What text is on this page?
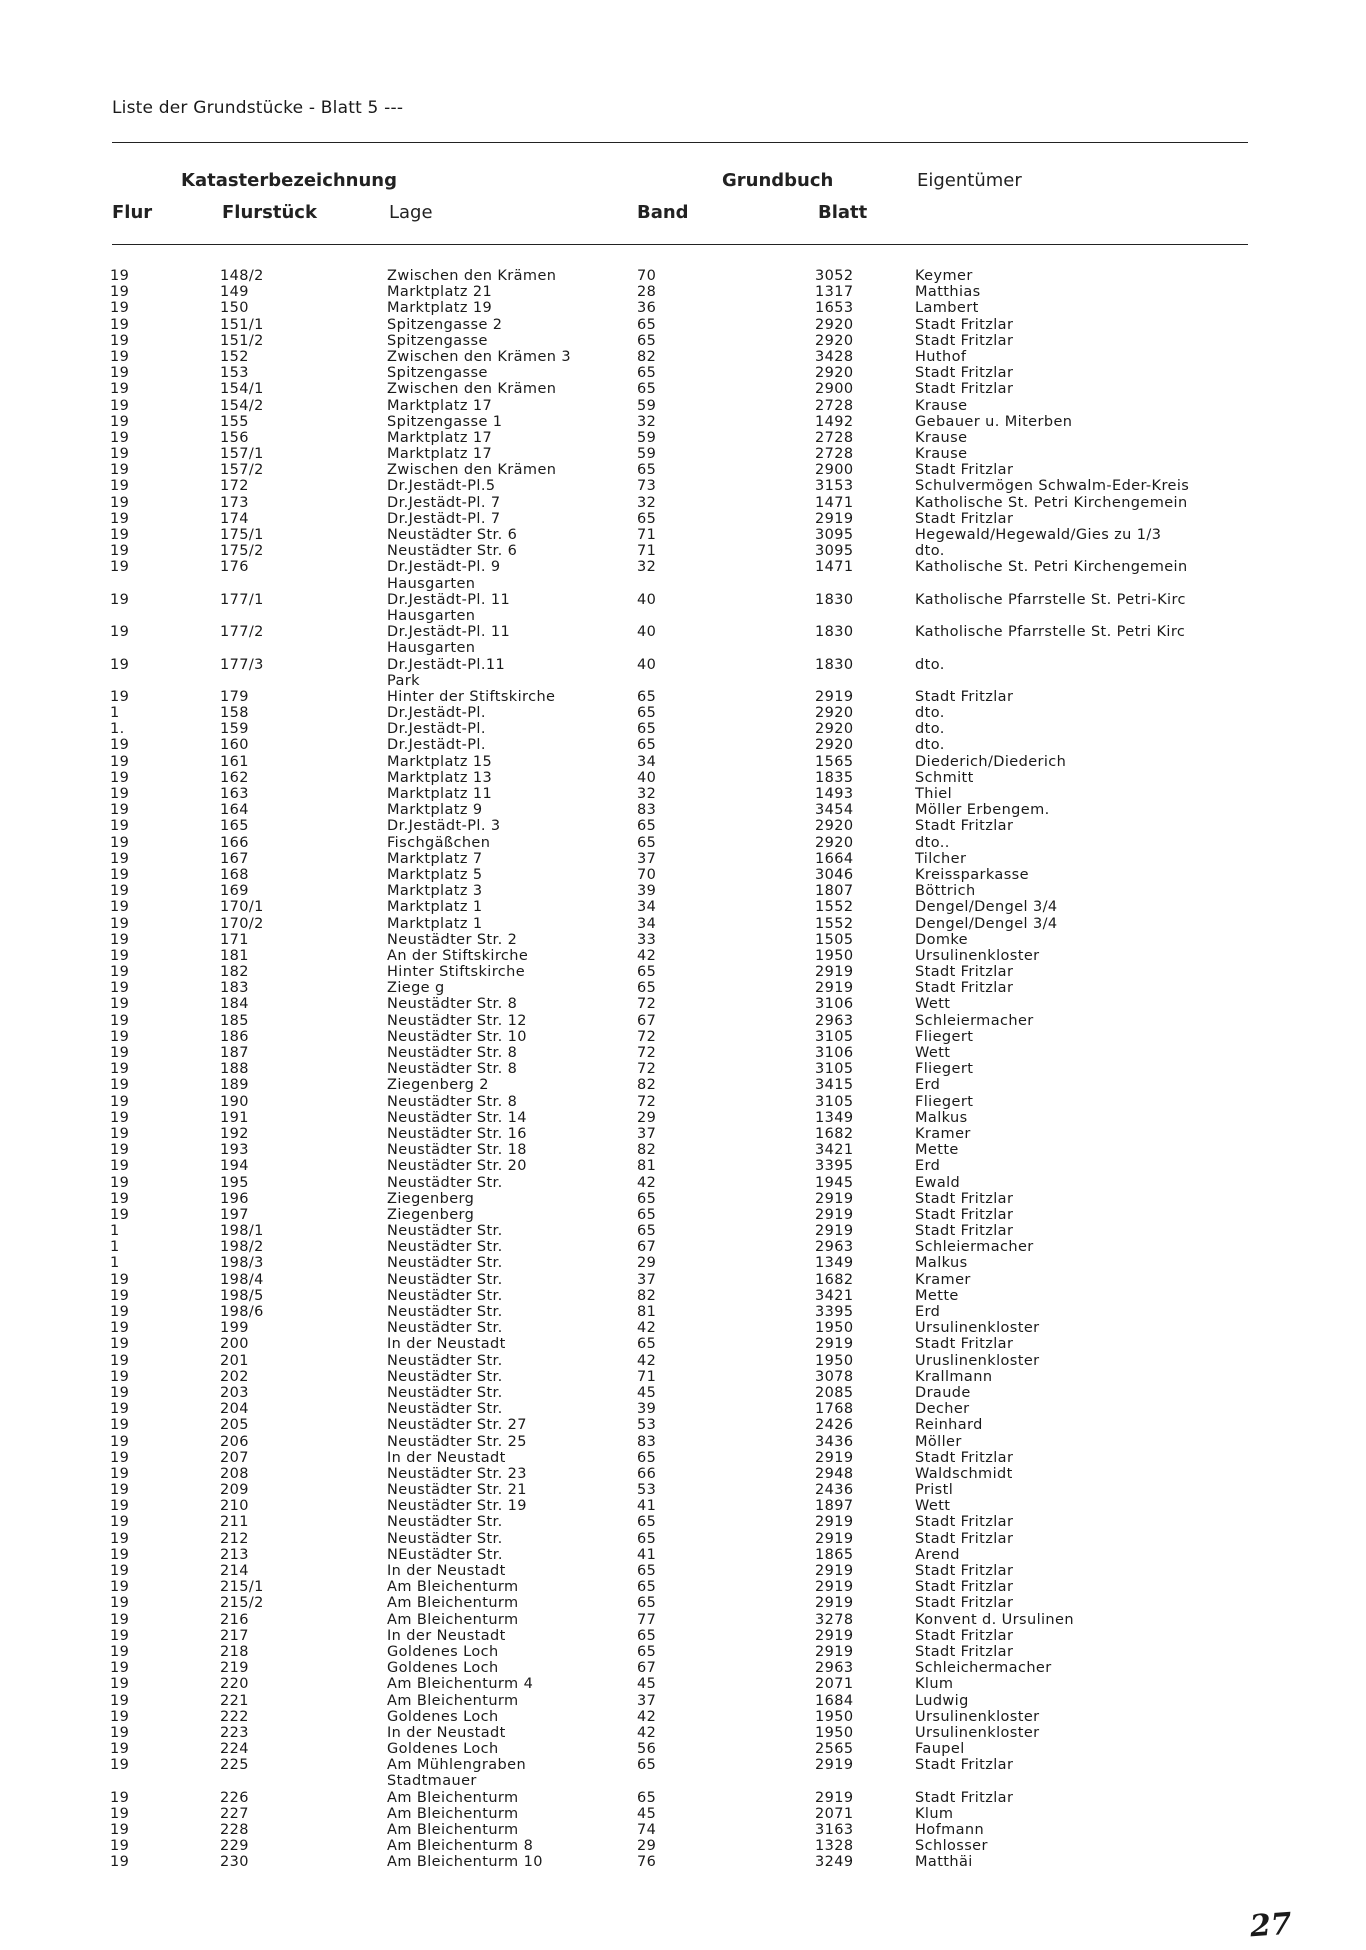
Liste der Grundstücke - Blatt 5 ---
Katasterbezeichnung	Grundbuch	Eigentümer
Flur	Flurstück	Lage	Band	Blatt
19	148/2	Zwischen den Krämen	70	3052	Keymer
19	149	Marktplatz 21	28	1317	Matthias
19	150	Marktplatz 19	36	1653	Lambert
19	151/1	Spitzengasse 2	65	2920	Stadt Fritzlar
19	151/2	Spitzengasse	65	2920	Stadt Fritzlar
19	152	Zwischen den Krämen 3	82	3428	Huthof
19	153	Spitzengasse	65	2920	Stadt Fritzlar
19	154/1	Zwischen den Krämen	65	2900	Stadt Fritzlar
19	154/2	Marktplatz 17	59	2728	Krause
19	155	Spitzengasse 1	32	1492	Gebauer u. Miterben
19	156	Marktplatz 17	59	2728	Krause
19	157/1	Marktplatz 17	59	2728	Krause
19	157/2	Zwischen den Krämen	65	2900	Stadt Fritzlar
19	172	Dr.Jestädt-Pl.5	73	3153	Schulvermögen Schwalm-Eder-Kreis
19	173	Dr.Jestädt-Pl. 7	32	1471	Katholische St. Petri Kirchengemein
19	174	Dr.Jestädt-Pl. 7	65	2919	Stadt Fritzlar
19	175/1	Neustädter Str. 6	71	3095	Hegewald/Hegewald/Gies zu 1/3
19	175/2	Neustädter Str. 6	71	3095	dto.
19	176	Dr.Jestädt-Pl. 9	32	1471	Katholische St. Petri Kirchengemein
Hausgarten
19	177/1	Dr.Jestädt-Pl. 11	40	1830	Katholische Pfarrstelle St. Petri-Kirc
Hausgarten
19	177/2	Dr.Jestädt-Pl. 11	40	1830	Katholische Pfarrstelle St. Petri Kirc
Hausgarten
19	177/3	Dr.Jestädt-Pl.11	40	1830	dto.
Park
19	179	Hinter der Stiftskirche	65	2919	Stadt Fritzlar
1	158	Dr.Jestädt-Pl.	65	2920	dto.
1.	159	Dr.Jestädt-Pl.	65	2920	dto.
19	160	Dr.Jestädt-Pl.	65	2920	dto.
19	161	Marktplatz 15	34	1565	Diederich/Diederich
19	162	Marktplatz 13	40	1835	Schmitt
19	163	Marktplatz 11	32	1493	Thiel
19	164	Marktplatz 9	83	3454	Möller Erbengem.
19	165	Dr.Jestädt-Pl. 3	65	2920	Stadt Fritzlar
19	166	Fischgäßchen	65	2920	dto..
19	167	Marktplatz 7	37	1664	Tilcher
19	168	Marktplatz 5	70	3046	Kreissparkasse
19	169	Marktplatz 3	39	1807	Böttrich
19	170/1	Marktplatz 1	34	1552	Dengel/Dengel 3/4
19	170/2	Marktplatz 1	34	1552	Dengel/Dengel 3/4
19	171	Neustädter Str. 2	33	1505	Domke
19	181	An der Stiftskirche	42	1950	Ursulinenkloster
19	182	Hinter Stiftskirche	65	2919	Stadt Fritzlar
19	183	Ziege g	65	2919	Stadt Fritzlar
19	184	Neustädter Str. 8	72	3106	Wett
19	185	Neustädter Str. 12	67	2963	Schleiermacher
19	186	Neustädter Str. 10	72	3105	Fliegert
19	187	Neustädter Str. 8	72	3106	Wett
19	188	Neustädter Str. 8	72	3105	Fliegert
19	189	Ziegenberg 2	82	3415	Erd
19	190	Neustädter Str. 8	72	3105	Fliegert
19	191	Neustädter Str. 14	29	1349	Malkus
19	192	Neustädter Str. 16	37	1682	Kramer
19	193	Neustädter Str. 18	82	3421	Mette
19	194	Neustädter Str. 20	81	3395	Erd
19	195	Neustädter Str.	42	1945	Ewald
19	196	Ziegenberg	65	2919	Stadt Fritzlar
19	197	Ziegenberg	65	2919	Stadt Fritzlar
1	198/1	Neustädter Str.	65	2919	Stadt Fritzlar
1	198/2	Neustädter Str.	67	2963	Schleiermacher
1	198/3	Neustädter Str.	29	1349	Malkus
19	198/4	Neustädter Str.	37	1682	Kramer
19	198/5	Neustädter Str.	82	3421	Mette
19	198/6	Neustädter Str.	81	3395	Erd
19	199	Neustädter Str.	42	1950	Ursulinenkloster
19	200	In der Neustadt	65	2919	Stadt Fritzlar
19	201	Neustädter Str.	42	1950	Uruslinenkloster
19	202	Neustädter Str.	71	3078	Krallmann
19	203	Neustädter Str.	45	2085	Draude
19	204	Neustädter Str.	39	1768	Decher
19	205	Neustädter Str. 27	53	2426	Reinhard
19	206	Neustädter Str. 25	83	3436	Möller
19	207	In der Neustadt	65	2919	Stadt Fritzlar
19	208	Neustädter Str. 23	66	2948	Waldschmidt
19	209	Neustädter Str. 21	53	2436	Pristl
19	210	Neustädter Str. 19	41	1897	Wett
19	211	Neustädter Str.	65	2919	Stadt Fritzlar
19	212	Neustädter Str.	65	2919	Stadt Fritzlar
19	213	NEustädter Str.	41	1865	Arend
19	214	In der Neustadt	65	2919	Stadt Fritzlar
19	215/1	Am Bleichenturm	65	2919	Stadt Fritzlar
19	215/2	Am Bleichenturm	65	2919	Stadt Fritzlar
19	216	Am Bleichenturm	77	3278	Konvent d. Ursulinen
19	217	In der Neustadt	65	2919	Stadt Fritzlar
19	218	Goldenes Loch	65	2919	Stadt Fritzlar
19	219	Goldenes Loch	67	2963	Schleichermacher
19	220	Am Bleichenturm 4	45	2071	Klum
19	221	Am Bleichenturm	37	1684	Ludwig
19	222	Goldenes Loch	42	1950	Ursulinenkloster
19	223	In der Neustadt	42	1950	Ursulinenkloster
19	224	Goldenes Loch	56	2565	Faupel
19	225	Am Mühlengraben	65	2919	Stadt Fritzlar
Stadtmauer
19	226	Am Bleichenturm	65	2919	Stadt Fritzlar
19	227	Am Bleichenturm	45	2071	Klum
19	228	Am Bleichenturm	74	3163	Hofmann
19	229	Am Bleichenturm 8	29	1328	Schlosser
19	230	Am Bleichenturm 10	76	3249	Matthäi
27
